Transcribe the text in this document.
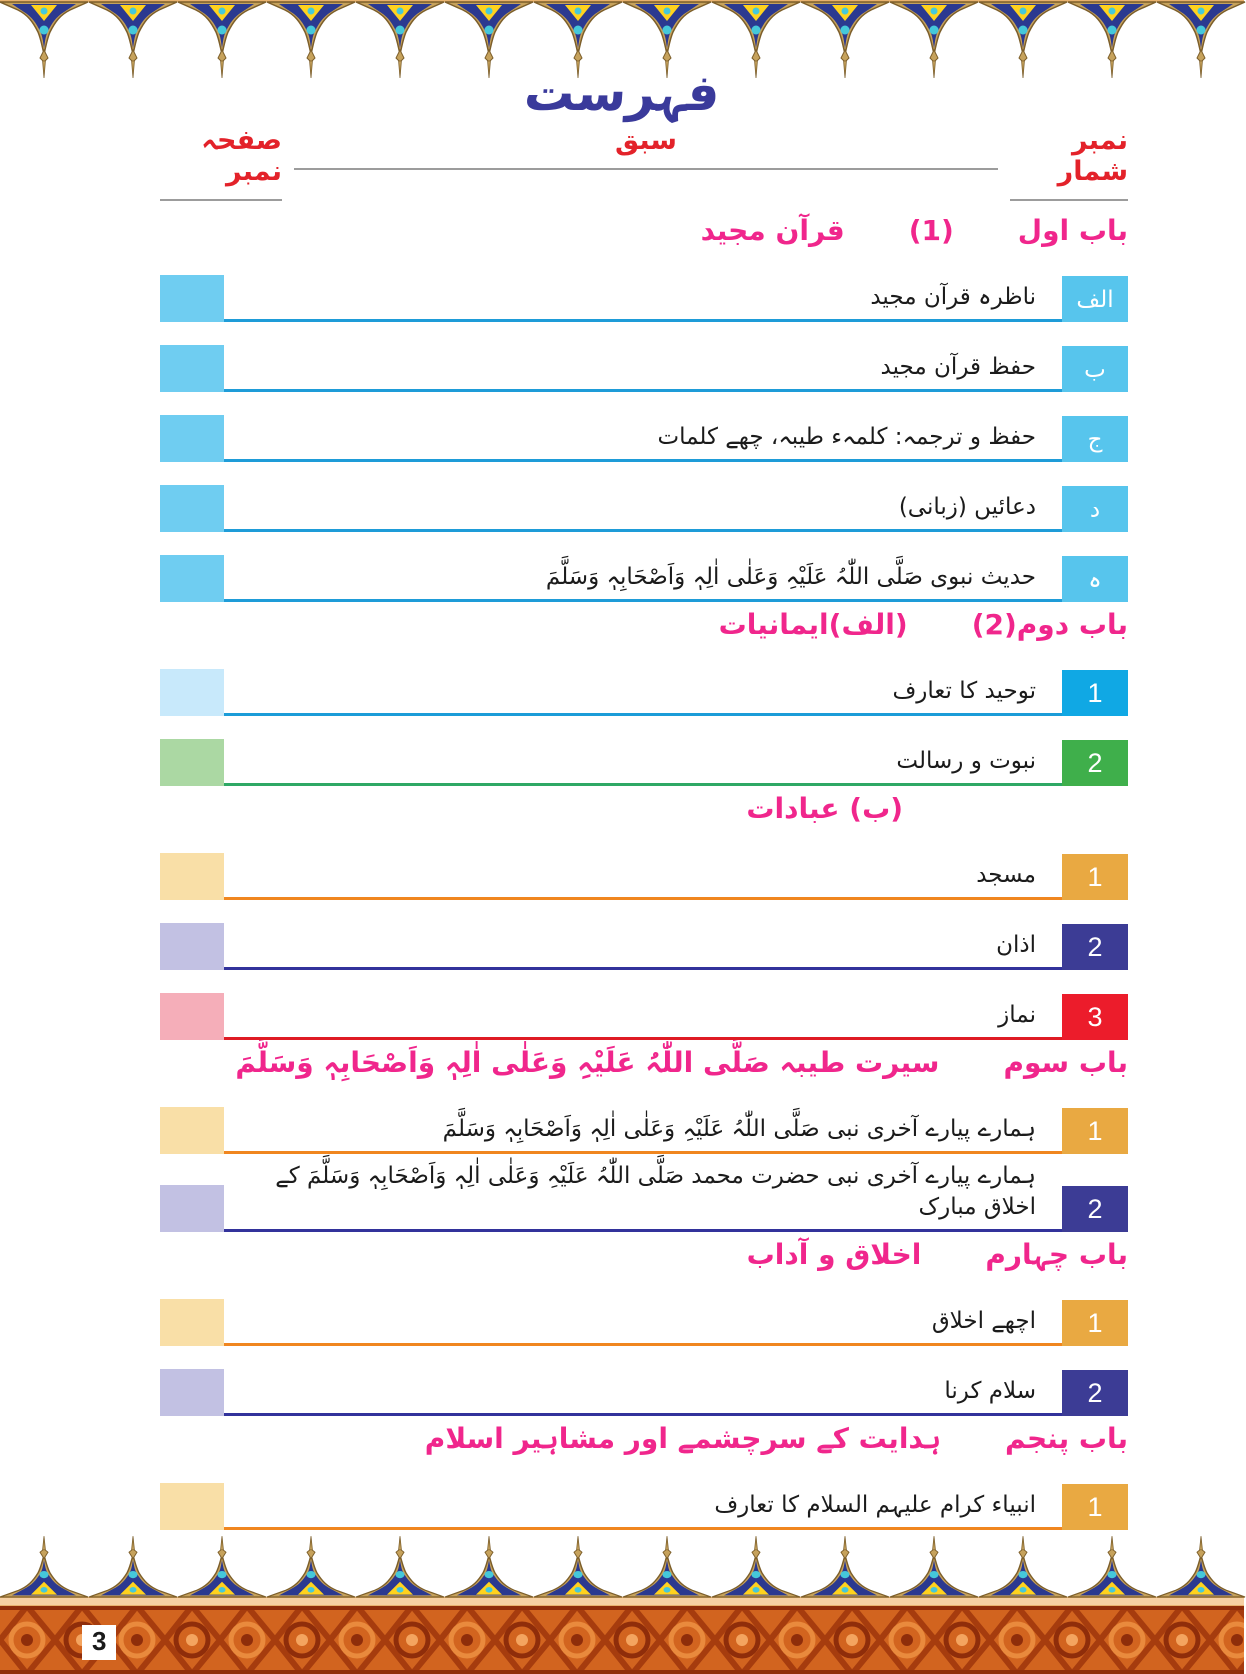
فہرست
نمبر شمار
سبق
صفحہ نمبر
باب اول
(1)
قرآن مجید
الف
ناظرہ قرآن مجید
ب
حفظ قرآن مجید
ج
حفظ و ترجمہ: کلمہء طیبہ، چھے کلمات
د
دعائیں (زبانی)
ہ
حدیث نبوی صَلَّی اللّٰہُ عَلَیْہِ وَعَلٰی اٰلِہٖ وَاَصْحَابِہٖ وَسَلَّمَ
باب دوم(2)
(الف)ایمانیات
1
توحید کا تعارف
2
نبوت و رسالت
(ب) عبادات
1
مسجد
2
اذان
3
نماز
باب سوم
سیرت طیبہ صَلَّی اللّٰہُ عَلَیْہِ وَعَلٰی اٰلِہٖ وَاَصْحَابِہٖ وَسَلَّمَ
1
ہمارے پیارے آخری نبی صَلَّی اللّٰہُ عَلَیْہِ وَعَلٰی اٰلِہٖ وَاَصْحَابِہٖ وَسَلَّمَ
2
ہمارے پیارے آخری نبی حضرت محمد صَلَّی اللّٰہُ عَلَیْہِ وَعَلٰی اٰلِہٖ وَاَصْحَابِہٖ وَسَلَّمَ کے اخلاق مبارک
باب چہارم
اخلاق و آداب
1
اچھے اخلاق
2
سلام کرنا
باب پنجم
ہدایت کے سرچشمے اور مشاہیر اسلام
1
انبیاء کرام علیہم السلام کا تعارف
3
